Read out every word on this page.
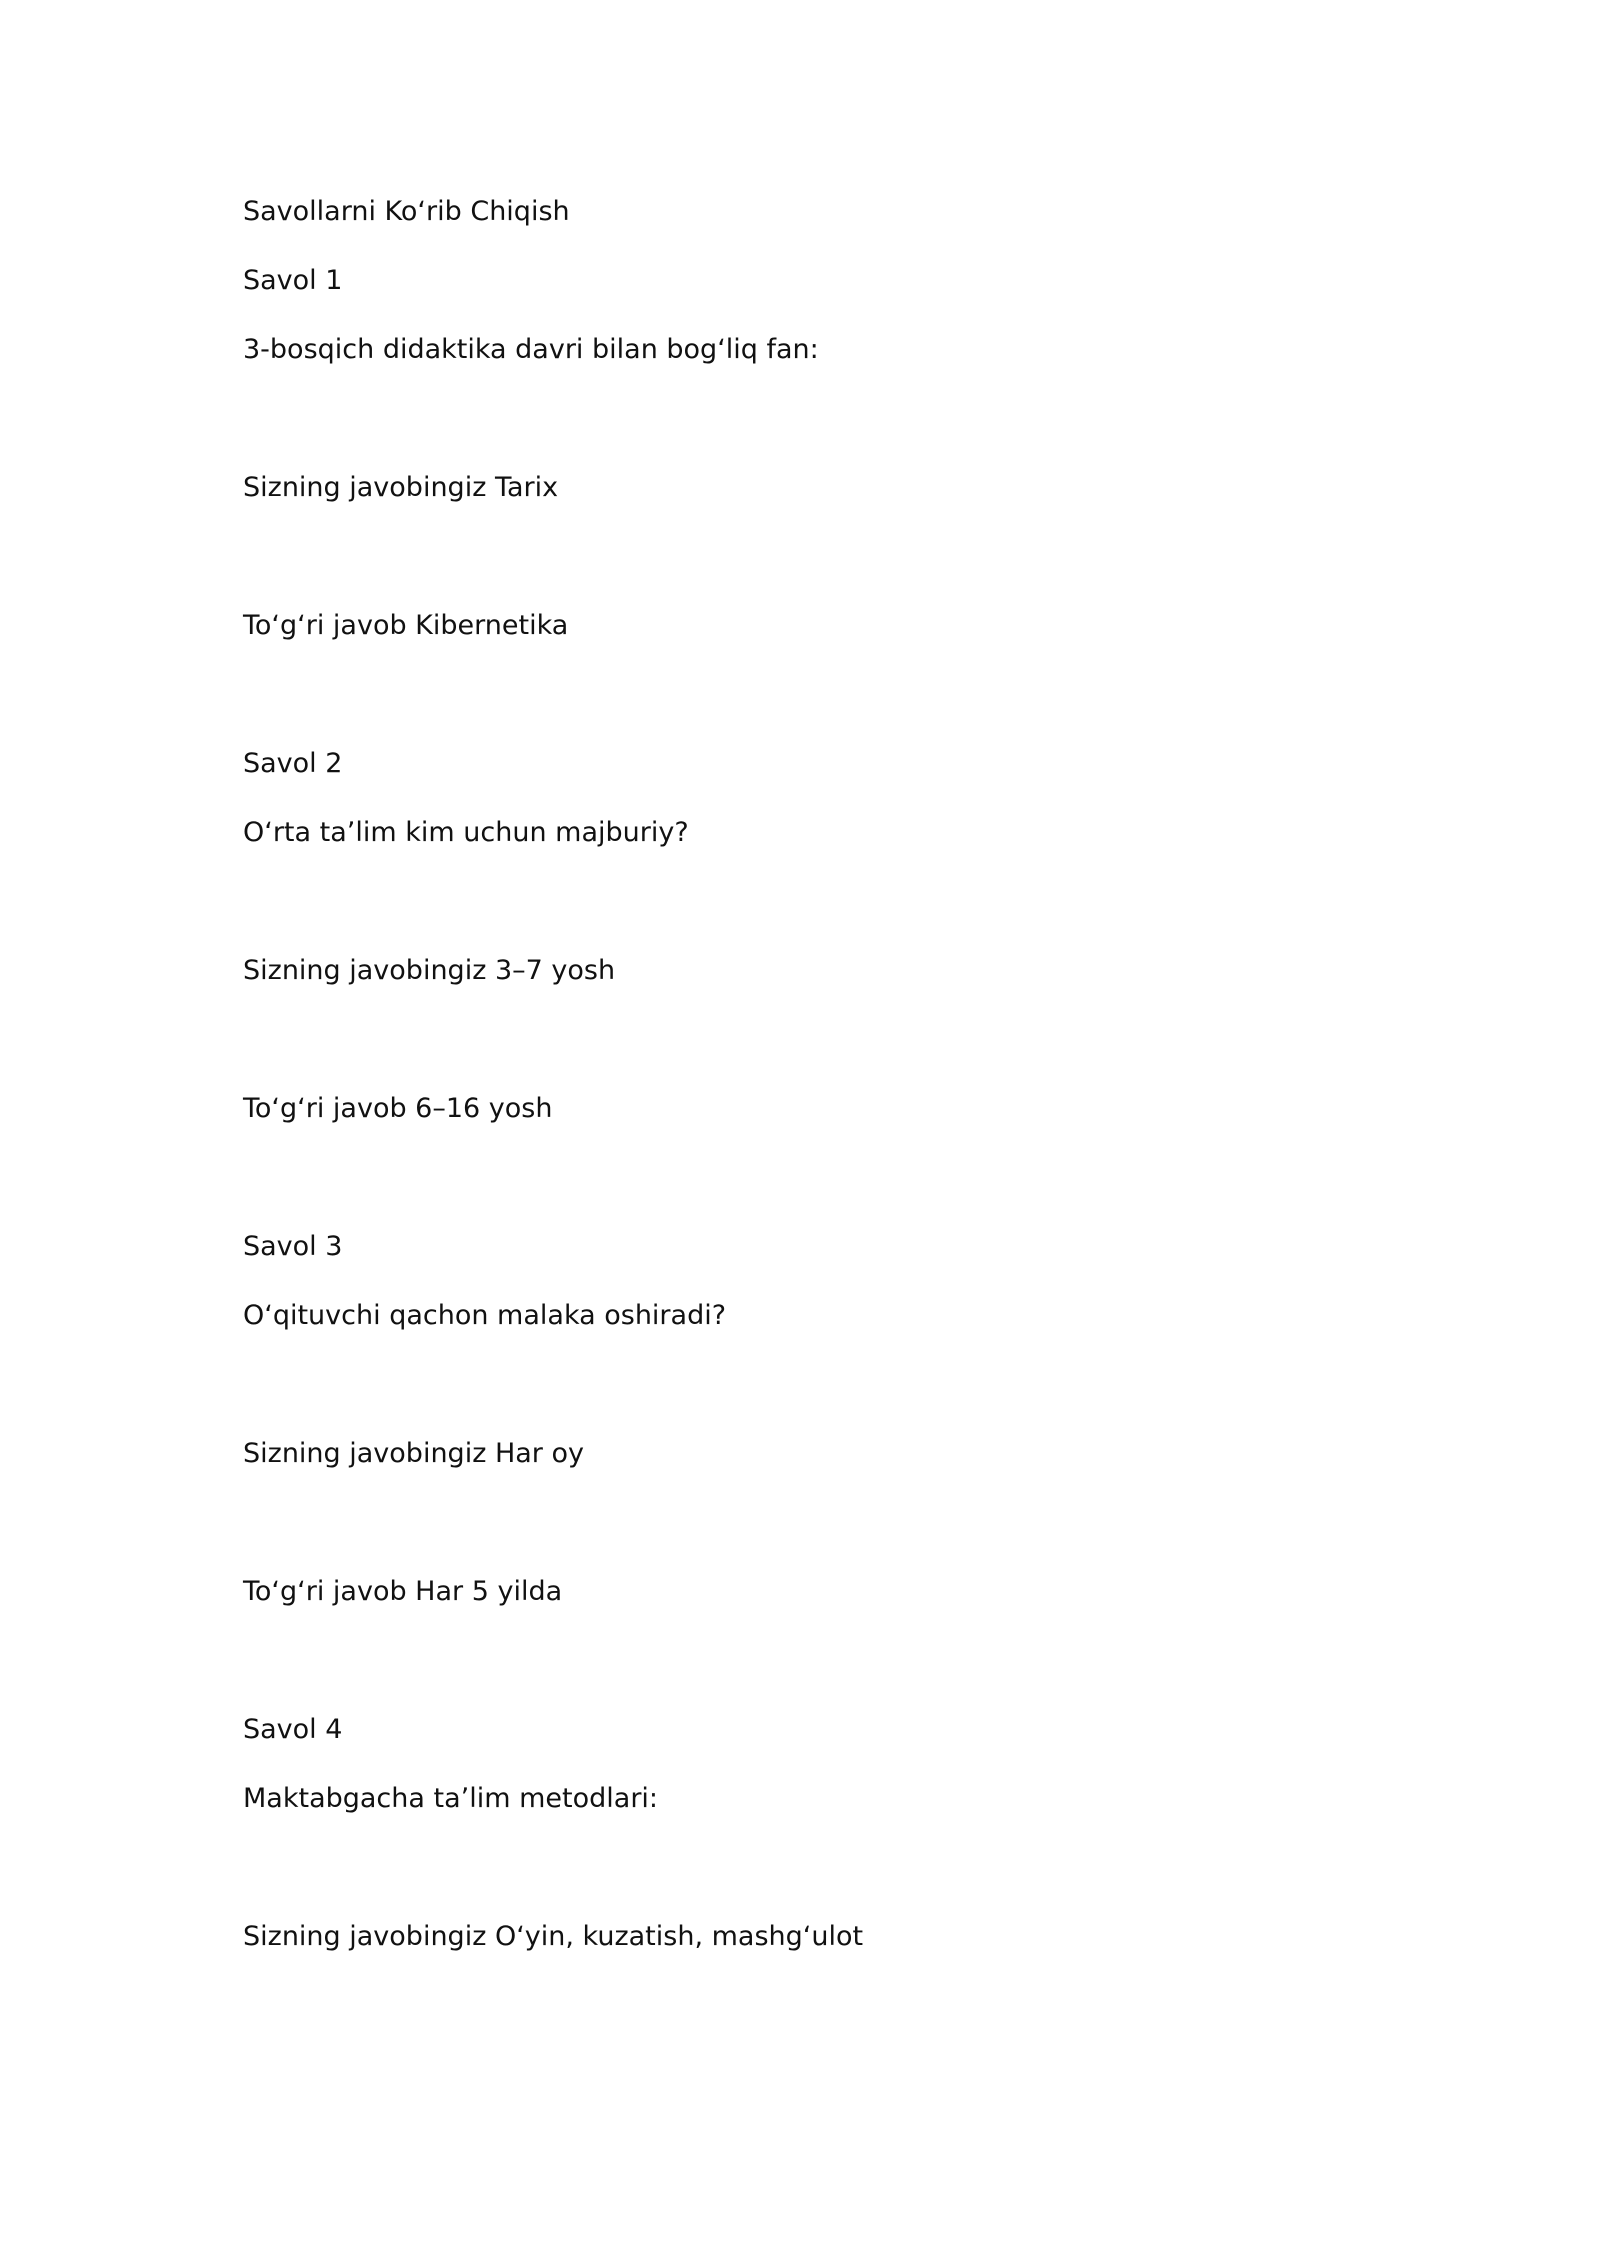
Savollarni Koʻrib Chiqish

Savol 1

3-bosqich didaktika davri bilan bogʻliq fan:

Sizning javobingiz Tarix

Toʻgʻri javob Kibernetika

Savol 2

Oʻrta taʼlim kim uchun majburiy?

Sizning javobingiz 3–7 yosh

Toʻgʻri javob 6–16 yosh

Savol 3

Oʻqituvchi qachon malaka oshiradi?

Sizning javobingiz Har oy

Toʻgʻri javob Har 5 yilda

Savol 4

Maktabgacha taʼlim metodlari:

Sizning javobingiz Oʻyin, kuzatish, mashgʻulot
